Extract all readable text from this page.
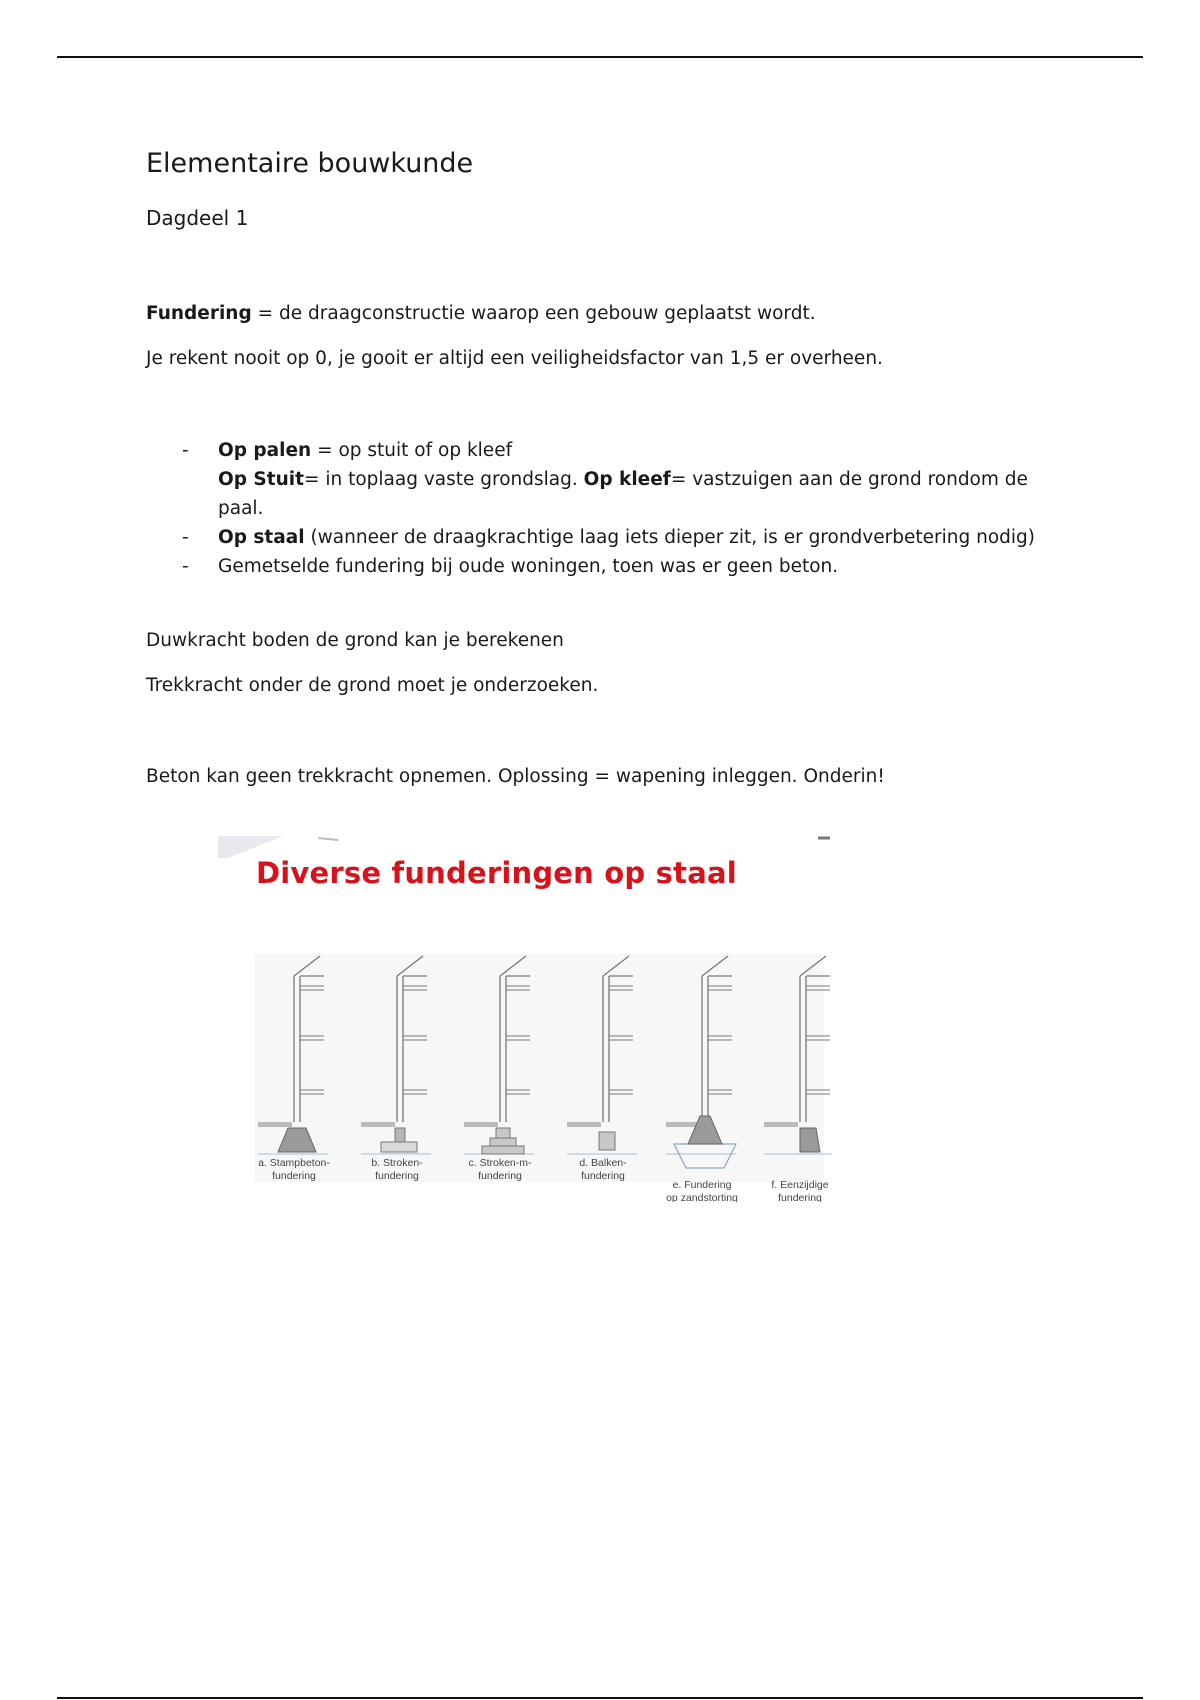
Elementaire bouwkunde
Dagdeel 1
Fundering = de draagconstructie waarop een gebouw geplaatst wordt.
Je rekent nooit op 0, je gooit er altijd een veiligheidsfactor van 1,5 er overheen.
- Op palen = op stuit of op kleef
Op Stuit= in toplaag vaste grondslag. Op kleef= vastzuigen aan de grond rondom de paal.
- Op staal (wanneer de draagkrachtige laag iets dieper zit, is er grondverbetering nodig)
- Gemetselde fundering bij oude woningen, toen was er geen beton.
Duwkracht boden de grond kan je berekenen
Trekkracht onder de grond moet je onderzoeken.
Beton kan geen trekkracht opnemen. Oplossing = wapening inleggen. Onderin!
Diverse funderingen op staal
a. Stampbeton-
fundering
b. Stroken-
fundering
c. Stroken-m-
fundering
d. Balken-
fundering
e. Fundering
op zandstorting
f. Eenzijdige
fundering
